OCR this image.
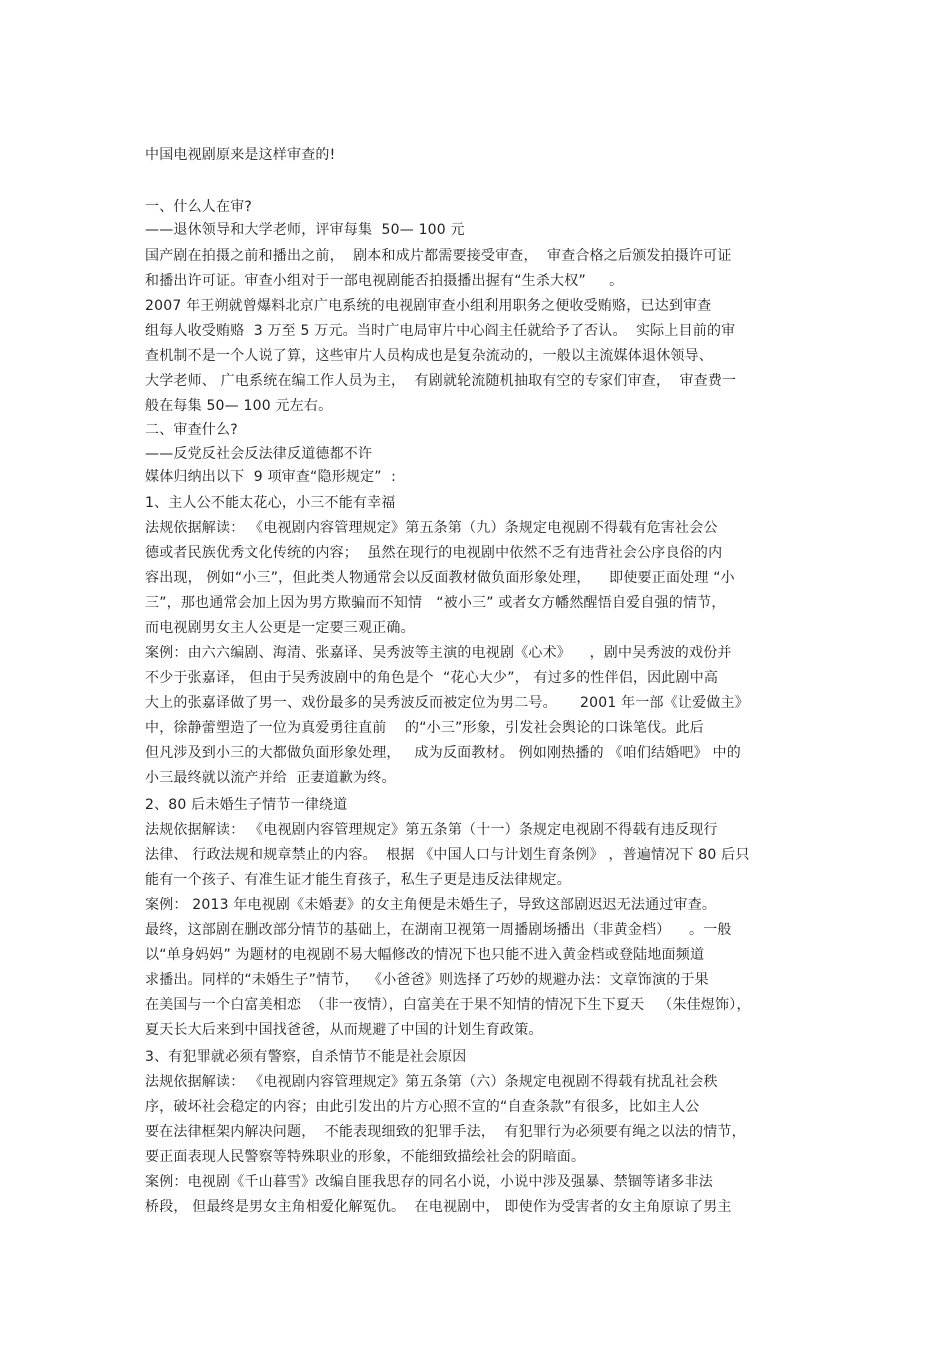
中国电视剧原来是这样审查的!
一、什么人在审?
——退休领导和大学老师，评审每集  50— 100 元
国产剧在拍摄之前和播出之前，  剧本和成片都需要接受审查，  审查合格之后颁发拍摄许可证
和播出许可证。审查小组对于一部电视剧能否拍摄播出握有“生杀大权”     。
2007 年王朔就曾爆料北京广电系统的电视剧审查小组利用职务之便收受贿赂，已达到审查
组每人收受贿赂  3 万至 5 万元。当时广电局审片中心阎主任就给予了否认。  实际上目前的审
查机制不是一个人说了算，这些审片人员构成也是复杂流动的，一般以主流媒体退休领导、
大学老师、 广电系统在编工作人员为主，  有剧就轮流随机抽取有空的专家们审查，  审查费一
般在每集 50— 100 元左右。
二、审查什么?
——反党反社会反法律反道德都不许
媒体归纳出以下  9 项审查“隐形规定”  :
1、主人公不能太花心，小三不能有幸福
法规依据解读： 《电视剧内容管理规定》第五条第（九）条规定电视剧不得载有危害社会公
德或者民族优秀文化传统的内容；  虽然在现行的电视剧中依然不乏有违背社会公序良俗的内
容出现， 例如“小三”，但此类人物通常会以反面教材做负面形象处理，    即使要正面处理 “小
三”，那也通常会加上因为男方欺骗而不知情   “被小三” 或者女方幡然醒悟自爱自强的情节，
而电视剧男女主人公更是一定要三观正确。
案例：由六六编剧、海清、张嘉译、吴秀波等主演的电视剧《心术》    ，剧中吴秀波的戏份并
不少于张嘉译， 但由于吴秀波剧中的角色是个  “花心大少”， 有过多的性伴侣，因此剧中高
大上的张嘉译做了男一、戏份最多的吴秀波反而被定位为男二号。     2001 年一部《让爱做主》
中，徐静蕾塑造了一位为真爱勇往直前    的“小三”形象，引发社会舆论的口诛笔伐。此后
但凡涉及到小三的大都做负面形象处理，   成为反面教材。 例如刚热播的 《咱们结婚吧》 中的
小三最终就以流产并给  正妻道歉为终。
2、80 后未婚生子情节一律绕道
法规依据解读： 《电视剧内容管理规定》第五条第（十一）条规定电视剧不得载有违反现行
法律、 行政法规和规章禁止的内容。  根据 《中国人口与计划生育条例》 ，普遍情况下 80 后只
能有一个孩子、有准生证才能生育孩子，私生子更是违反法律规定。
案例： 2013 年电视剧《未婚妻》的女主角便是未婚生子，导致这部剧迟迟无法通过审查。
最终，这部剧在删改部分情节的基础上，在湖南卫视第一周播剧场播出（非黄金档）    。一般
以“单身妈妈” 为题材的电视剧不易大幅修改的情况下也只能不进入黄金档或登陆地面频道
求播出。同样的“未婚生子”情节，  《小爸爸》则选择了巧妙的规避办法：文章饰演的于果
在美国与一个白富美相恋  （非一夜情），白富美在于果不知情的情况下生下夏天   （朱佳煜饰），
夏天长大后来到中国找爸爸，从而规避了中国的计划生育政策。
3、有犯罪就必须有警察，自杀情节不能是社会原因
法规依据解读： 《电视剧内容管理规定》第五条第（六）条规定电视剧不得载有扰乱社会秩
序，破坏社会稳定的内容；由此引发出的片方心照不宣的“自查条款”有很多，比如主人公
要在法律框架内解决问题，  不能表现细致的犯罪手法，  有犯罪行为必须要有绳之以法的情节，
要正面表现人民警察等特殊职业的形象，不能细致描绘社会的阴暗面。
案例：电视剧《千山暮雪》改编自匪我思存的同名小说，小说中涉及强暴、禁锢等诸多非法
桥段， 但最终是男女主角相爱化解冤仇。  在电视剧中， 即使作为受害者的女主角原谅了男主
